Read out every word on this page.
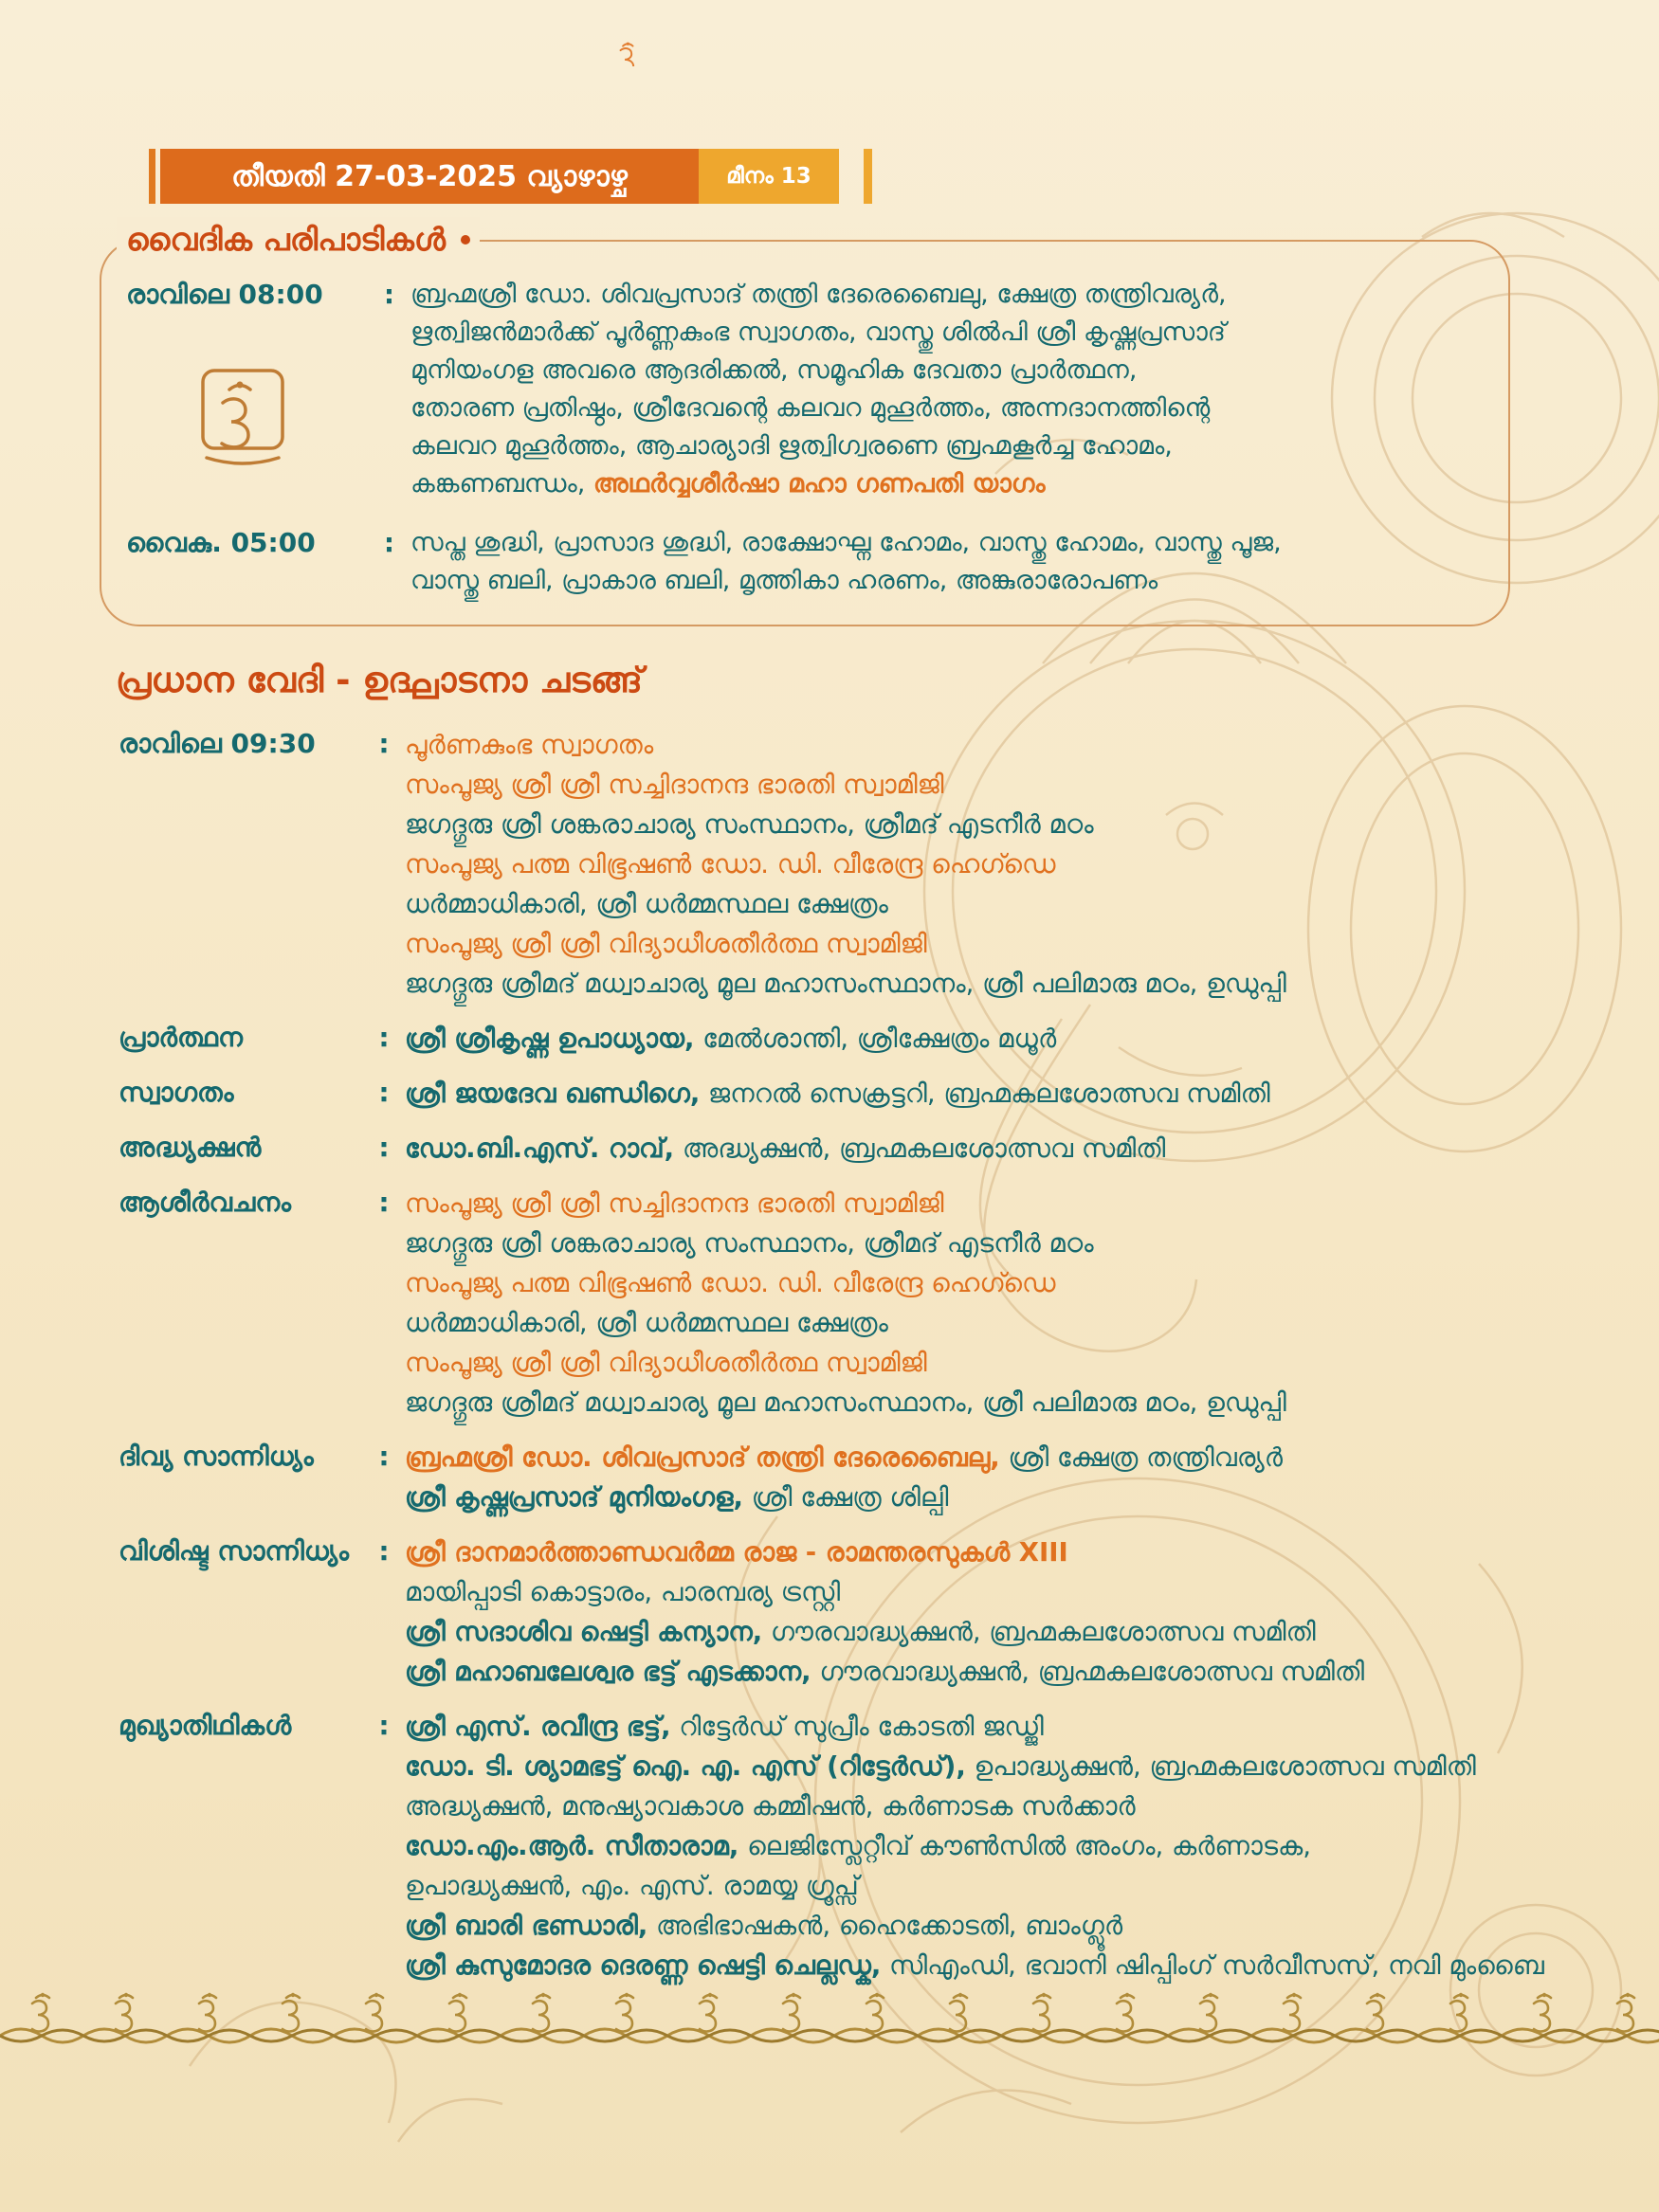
തീയതി 27-03-2025 വ്യാഴാഴ്ച	മീനം 13
വൈദിക പരിപാടികൾ
രാവിലെ 08:00	: ബ്രഹ്മശ്രീ ഡോ. ശിവപ്രസാദ് തന്ത്രി ദേരെബൈലു, ക്ഷേത്ര തന്ത്രിവര്യർ,
ഋത്വിജൻമാർക്ക് പൂർണ്ണകുംഭ സ്വാഗതം, വാസ്തു ശിൽപി ശ്രീ കൃഷ്ണപ്രസാദ്
മുനിയംഗള അവരെ ആദരിക്കൽ, സമൂഹിക ദേവതാ പ്രാർത്ഥന,
തോരണ പ്രതിഷ്ഠം, ശ്രീദേവന്റെ കലവറ മുഹൂർത്തം, അന്നദാനത്തിന്റെ
കലവറ മുഹൂർത്തം, ആചാര്യാദി ഋത്വിഗ്വരണെ ബ്രഹ്മകൂർച്ച ഹോമം,
കങ്കണബന്ധം, അഥർവ്വശീർഷാ മഹാ ഗണപതി യാഗം
വൈകു. 05:00	: സപ്ത ശുദ്ധി, പ്രാസാദ ശുദ്ധി, രാക്ഷോഘ്ന ഹോമം, വാസ്തു ഹോമം, വാസ്തു പൂജ,
വാസ്തു ബലി, പ്രാകാര ബലി, മൃത്തികാ ഹരണം, അങ്കുരാരോപണം
പ്രധാന വേദി - ഉദ്ഘാടനാ ചടങ്ങ്
രാവിലെ 09:30	: പൂർണകുംഭ സ്വാഗതം
സംപൂജ്യ ശ്രീ ശ്രീ സച്ചിദാനന്ദ ഭാരതി സ്വാമിജി
ജഗദ്ഗുരു ശ്രീ ശങ്കരാചാര്യ സംസ്ഥാനം, ശ്രീമദ് എടനീർ മഠം
സംപൂജ്യ പത്മ വിഭൂഷൺ ഡോ. ഡി. വീരേന്ദ്ര ഹെഗ്ഡെ
ധർമ്മാധികാരി, ശ്രീ ധർമ്മസ്ഥല ക്ഷേത്രം
സംപൂജ്യ ശ്രീ ശ്രീ വിദ്യാധീശതീർത്ഥ സ്വാമിജി
ജഗദ്ഗുരു ശ്രീമദ് മധ്വാചാര്യ മൂല മഹാസംസ്ഥാനം, ശ്രീ പലിമാരു മഠം, ഉഡുപ്പി
പ്രാർത്ഥന	: ശ്രീ ശ്രീകൃഷ്ണ ഉപാധ്യായ, മേൽശാന്തി, ശ്രീക്ഷേത്രം മധൂർ
സ്വാഗതം	: ശ്രീ ജയദേവ ഖണ്ഡിഗെ, ജനറൽ സെക്രട്ടറി, ബ്രഹ്മകലശോത്സവ സമിതി
അദ്ധ്യക്ഷൻ	: ഡോ.ബി.എസ്. റാവ്, അദ്ധ്യക്ഷൻ, ബ്രഹ്മകലശോത്സവ സമിതി
ആശീർവചനം	: സംപൂജ്യ ശ്രീ ശ്രീ സച്ചിദാനന്ദ ഭാരതി സ്വാമിജി
ജഗദ്ഗുരു ശ്രീ ശങ്കരാചാര്യ സംസ്ഥാനം, ശ്രീമദ് എടനീർ മഠം
സംപൂജ്യ പത്മ വിഭൂഷൺ ഡോ. ഡി. വീരേന്ദ്ര ഹെഗ്ഡെ
ധർമ്മാധികാരി, ശ്രീ ധർമ്മസ്ഥല ക്ഷേത്രം
സംപൂജ്യ ശ്രീ ശ്രീ വിദ്യാധീശതീർത്ഥ സ്വാമിജി
ജഗദ്ഗുരു ശ്രീമദ് മധ്വാചാര്യ മൂല മഹാസംസ്ഥാനം, ശ്രീ പലിമാരു മഠം, ഉഡുപ്പി
ദിവ്യ സാന്നിധ്യം	: ബ്രഹ്മശ്രീ ഡോ. ശിവപ്രസാദ് തന്ത്രി ദേരെബൈലു, ശ്രീ ക്ഷേത്ര തന്ത്രിവര്യർ
ശ്രീ കൃഷ്ണപ്രസാദ് മുനിയംഗള, ശ്രീ ക്ഷേത്ര ശില്പി
വിശിഷ്ട സാന്നിധ്യം	: ശ്രീ ദാനമാർത്താണ്ഡവർമ്മ രാജ - രാമന്തരസുകൾ XIII
മായിപ്പാടി കൊട്ടാരം, പാരമ്പര്യ ട്രസ്റ്റി
ശ്രീ സദാശിവ ഷെട്ടി കന്യാന, ഗൗരവാദ്ധ്യക്ഷൻ, ബ്രഹ്മകലശോത്സവ സമിതി
ശ്രീ മഹാബലേശ്വര ഭട്ട് എടക്കാന, ഗൗരവാദ്ധ്യക്ഷൻ, ബ്രഹ്മകലശോത്സവ സമിതി
മുഖ്യാതിഥികൾ	: ശ്രീ എസ്. രവീന്ദ്ര ഭട്ട്, റിട്ടേർഡ് സുപ്രീം കോടതി ജഡ്ജി
ഡോ. ടി. ശ്യാമഭട്ട് ഐ. എ. എസ് (റിട്ടേർഡ്), ഉപാദ്ധ്യക്ഷൻ, ബ്രഹ്മകലശോത്സവ സമിതി
അദ്ധ്യക്ഷൻ, മനുഷ്യാവകാശ കമ്മീഷൻ, കർണാടക സർക്കാർ
ഡോ.എം.ആർ. സീതാരാമ, ലെജിസ്ലേറ്റീവ് കൗൺസിൽ അംഗം, കർണാടക,
ഉപാദ്ധ്യക്ഷൻ, എം. എസ്. രാമയ്യ ഗ്രൂപ്സ്
ശ്രീ ബാരി ഭണ്ഡാരി, അഭിഭാഷകൻ, ഹൈക്കോടതി, ബാംഗ്ലൂർ
ശ്രീ കുസുമോദര ദെരണ്ണ ഷെട്ടി ചെല്ലഡ്ക, സിഎംഡി, ഭവാനി ഷിപ്പിംഗ് സർവീസസ്, നവി മുംബൈ
